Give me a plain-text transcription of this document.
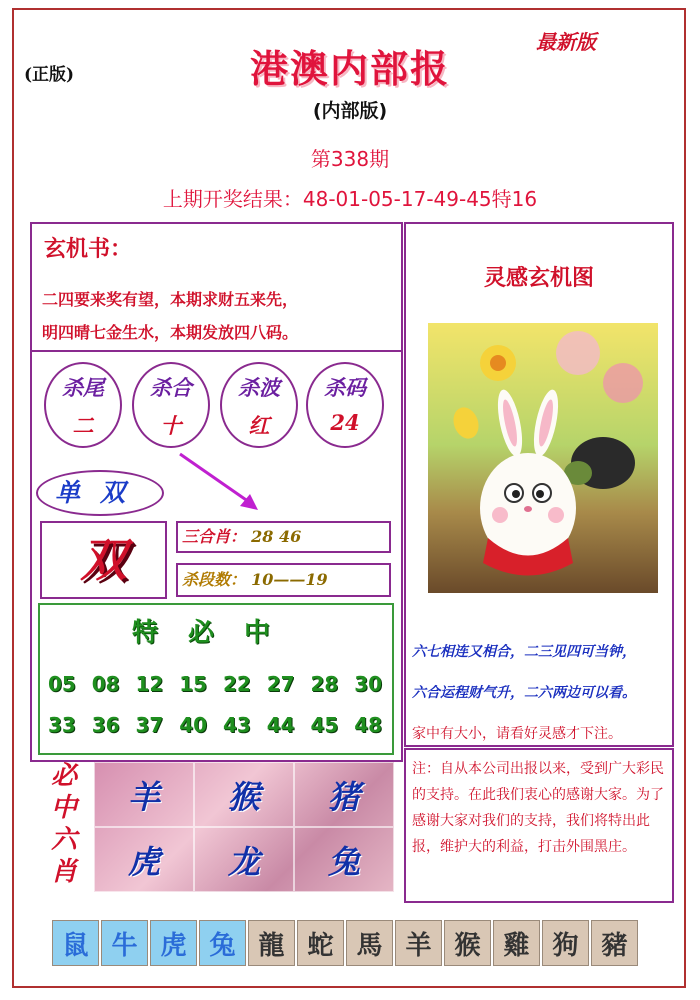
(正版)
最新版
港澳内部报
(内部版)
第338期
上期开奖结果：48-01-05-17-49-45特16
玄机书：
二四要来奖有望，本期求财五来先，
明四晴七金生水，本期发放四八码。
杀尾
二
杀合
十
杀波
红
杀码
24
单双
双	三合肖： 28 46
杀段数： 10——19
特必中
05 08 12 15 22 27 28 30
33 36 37 40 43 44 45 48
必
中
六
肖
羊	猴	猪
虎	龙	兔
灵感玄机图
六七相连又相合，二三见四可当钟，
六合运程财气升，二六两边可以看。
家中有大小，请看好灵感才下注。
注：自从本公司出报以来，受到广大彩民的支持。在此我们衷心的感谢大家。为了感谢大家对我们的支持，我们将特出此报，维护大的利益，打击外围黑庄。
鼠 牛 虎 兔 龍 蛇 馬 羊 猴 雞 狗 豬
